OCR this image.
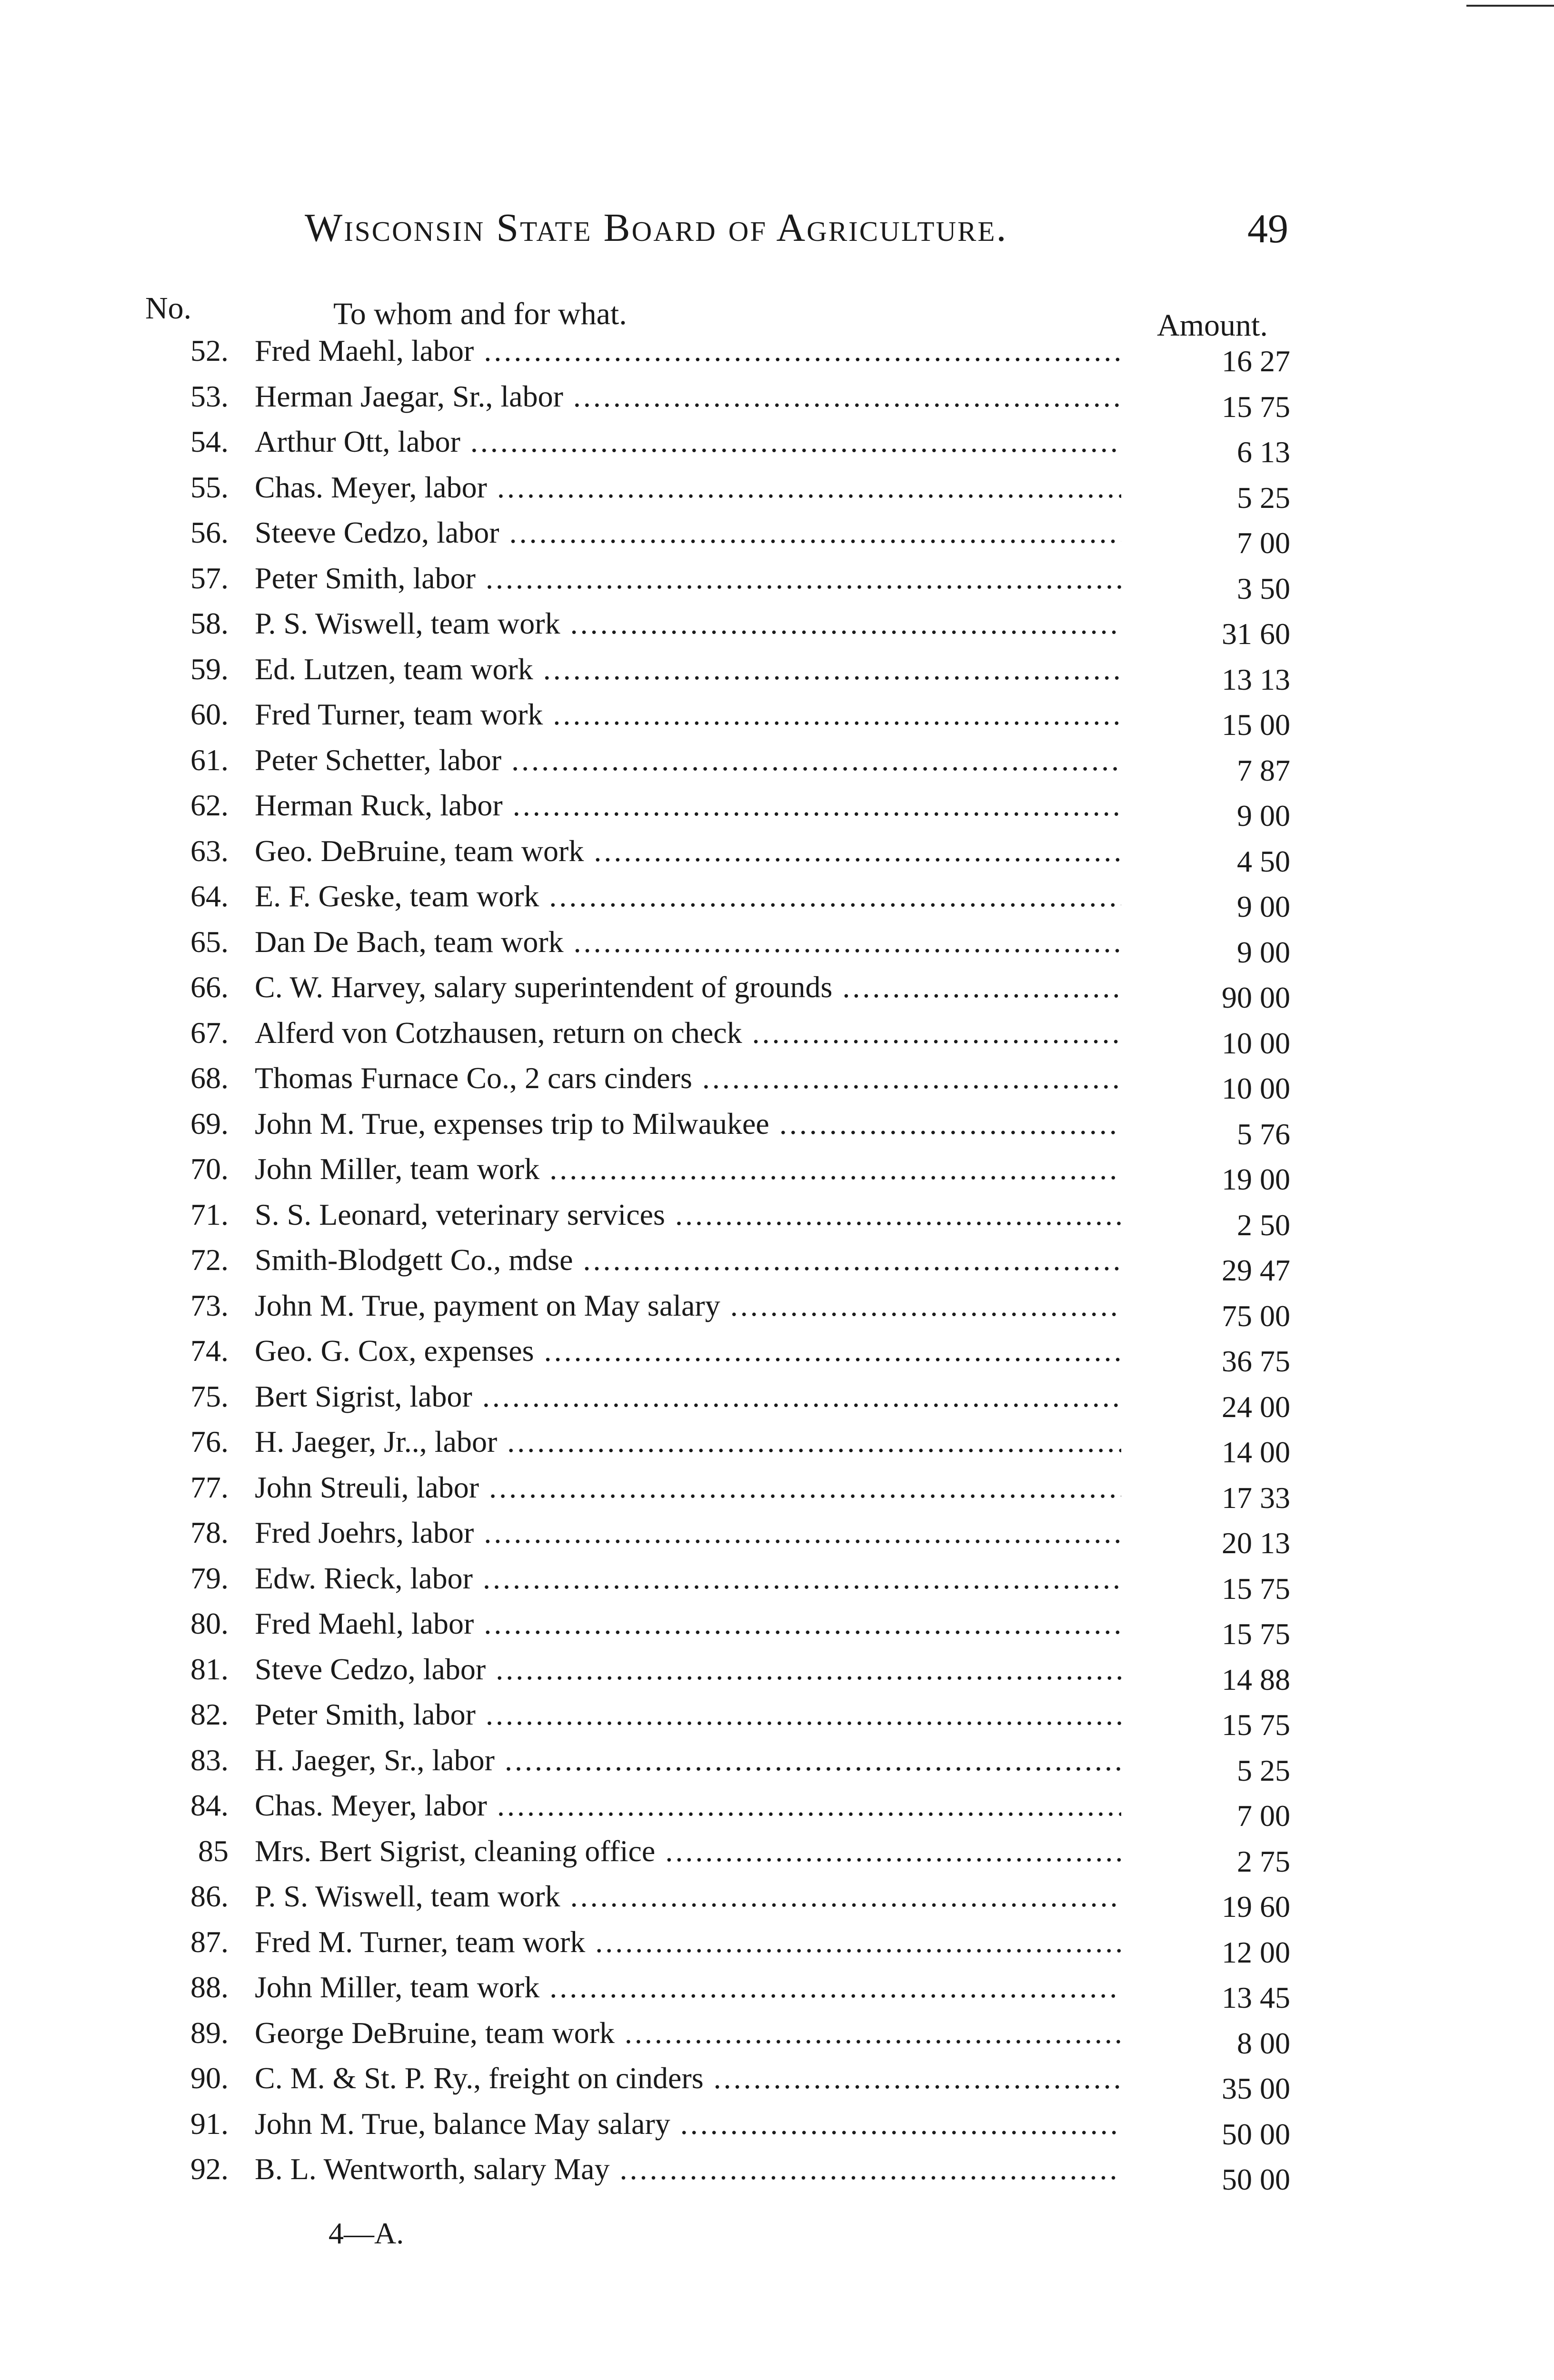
Wisconsin State Board of Agriculture.	49
No.	To whom and for what.	Amount.
52. Fred Maehl, labor .....	16 27
53. Herman Jaegar, Sr., labor .....	15 75
54. Arthur Ott, labor .....	6 13
55. Chas. Meyer, labor .....	5 25
56. Steeve Cedzo, labor .....	7 00
57. Peter Smith, labor .....	3 50
58. P. S. Wiswell, team work .....	31 60
59. Ed. Lutzen, team work .....	13 13
60. Fred Turner, team work .....	15 00
61. Peter Schetter, labor .....	7 87
62. Herman Ruck, labor .....	9 00
63. Geo. DeBruine, team work .....	4 50
64. E. F. Geske, team work .....	9 00
65. Dan De Bach, team work .....	9 00
66. C. W. Harvey, salary superintendent of grounds .....	90 00
67. Alferd von Cotzhausen, return on check .....	10 00
68. Thomas Furnace Co., 2 cars cinders .....	10 00
69. John M. True, expenses trip to Milwaukee .....	5 76
70. John Miller, team work .....	19 00
71. S. S. Leonard, veterinary services .....	2 50
72. Smith-Blodgett Co., mdse .....	29 47
73. John M. True, payment on May salary .....	75 00
74. Geo. G. Cox, expenses .....	36 75
75. Bert Sigrist, labor .....	24 00
76. H. Jaeger, Jr.., labor .....	14 00
77. John Streuli, labor .....	17 33
78. Fred Joehrs, labor .....	20 13
79. Edw. Rieck, labor .....	15 75
80. Fred Maehl, labor .....	15 75
81. Steve Cedzo, labor .....	14 88
82. Peter Smith, labor .....	15 75
83. H. Jaeger, Sr., labor .....	5 25
84. Chas. Meyer, labor .....	7 00
85 Mrs. Bert Sigrist, cleaning office .....	2 75
86. P. S. Wiswell, team work .....	19 60
87. Fred M. Turner, team work .....	12 00
88. John Miller, team work .....	13 45
89. George DeBruine, team work .....	8 00
90. C. M. & St. P. Ry., freight on cinders .....	35 00
91. John M. True, balance May salary .....	50 00
92. B. L. Wentworth, salary May .....	50 00
4—A.
